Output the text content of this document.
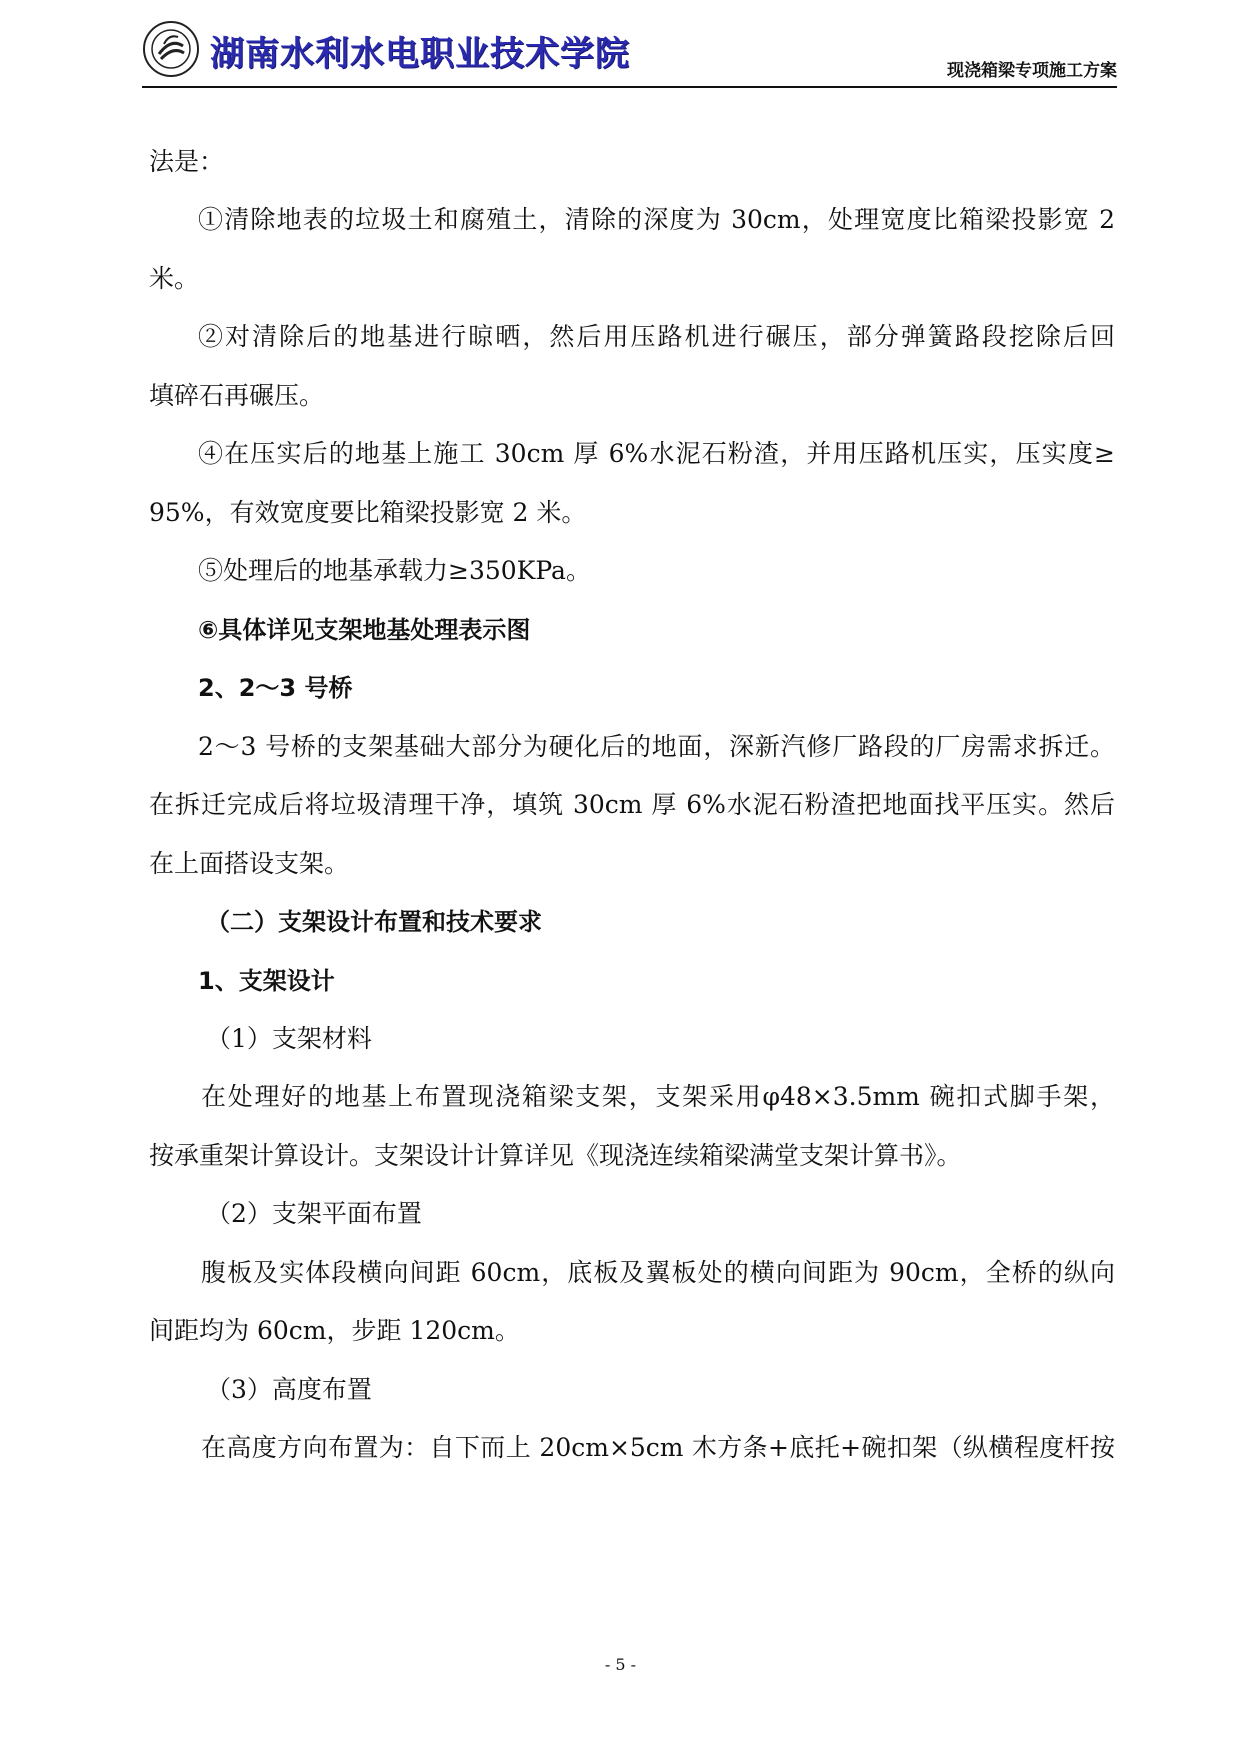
湖南水利水电职业技术学院	现浇箱梁专项施工方案
法是：
①清除地表的垃圾土和腐殖土，清除的深度为 30cm，处理宽度比箱梁投影宽 2
米。
②对清除后的地基进行晾晒，然后用压路机进行碾压，部分弹簧路段挖除后回
填碎石再碾压。
④在压实后的地基上施工 30cm 厚 6%水泥石粉渣，并用压路机压实，压实度≥
95%，有效宽度要比箱梁投影宽 2 米。
⑤处理后的地基承载力≥350KPa。
⑥具体详见支架地基处理表示图
2、2～3 号桥
2～3 号桥的支架基础大部分为硬化后的地面，深新汽修厂路段的厂房需求拆迁。
在拆迁完成后将垃圾清理干净，填筑 30cm 厚 6%水泥石粉渣把地面找平压实。然后
在上面搭设支架。
（二）支架设计布置和技术要求
1、支架设计
（1）支架材料
在处理好的地基上布置现浇箱梁支架，支架采用φ48×3.5mm 碗扣式脚手架，
按承重架计算设计。支架设计计算详见《现浇连续箱梁满堂支架计算书》。
（2）支架平面布置
腹板及实体段横向间距 60cm，底板及翼板处的横向间距为 90cm，全桥的纵向
间距均为 60cm，步距 120cm。
（3）高度布置
在高度方向布置为：自下而上 20cm×5cm 木方条+底托+碗扣架（纵横程度杆按
- 5 -
